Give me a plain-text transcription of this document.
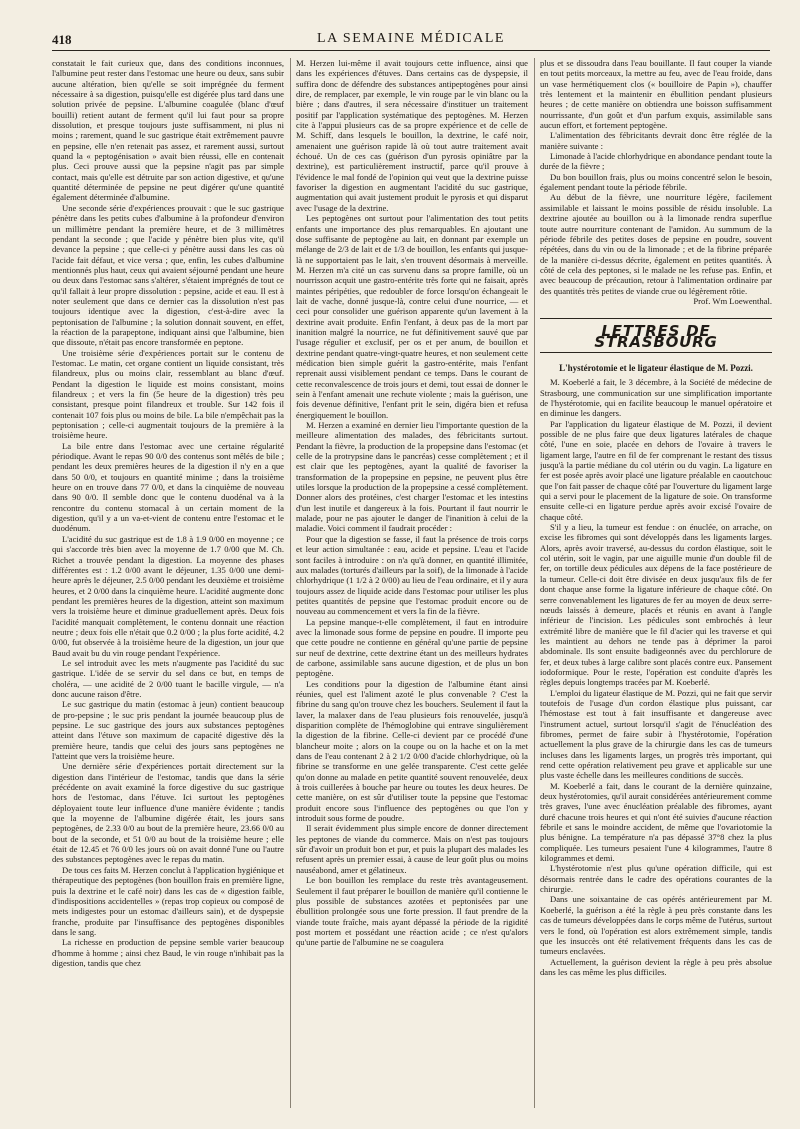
418	LA SEMAINE MÉDICALE

constatait le fait curieux que, dans des conditions inconnues, l'albumine peut rester dans l'estomac une heure ou deux, sans subir aucune altération, bien qu'elle se soit imprégnée du ferment nécessaire à sa digestion, puisqu'elle est digérée plus tard dans une solution privée de pepsine. L'albumine coagulée (blanc d'œuf bouilli) retient autant de ferment qu'il lui faut pour sa propre dissolution, et presque toujours juste suffisamment, ni plus ni moins ; rarement, quand le suc gastrique était extrêmement pauvre en pepsine, elle n'en retenait pas assez, et rarement aussi, surtout quand la « peptogénisation » avait bien réussi, elle en contenait plus. Ceci prouve aussi que la pepsine n'agit pas par simple contact, mais qu'elle est détruite par son action digestive, et qu'une quantité déterminée de pepsine ne peut digérer qu'une quantité également déterminée d'albumine.

Une seconde série d'expériences prouvait : que le suc gastrique pénètre dans les petits cubes d'albumine à la profondeur d'environ un millimètre pendant la première heure, et de 3 millimètres pendant la seconde ; que l'acide y pénètre bien plus vite, qu'il devance la pepsine ; que celle-ci y pénètre aussi dans les cas où l'acide fait défaut, et vice versa ; que, enfin, les cubes d'albumine mentionnés plus haut, ceux qui avaient séjourné pendant une heure ou deux dans l'estomac sans s'altérer, s'étaient imprégnés de tout ce qu'il fallait à leur propre dissolution : pepsine, acide et eau. Il est à noter seulement que dans ce dernier cas la dissolution n'est pas toujours identique avec la digestion, c'est-à-dire avec la peptonisation de l'albumine ; la solution donnait souvent, en effet, la réaction de la parapeptone, indiquant ainsi que l'albumine, bien que dissoute, n'était pas encore transformée en peptone.

Une troisième série d'expériences portait sur le contenu de l'estomac. Le matin, cet organe contient un liquide consistant, très filandreux, plus ou moins clair, ressemblant au blanc d'œuf. Pendant la digestion le liquide est moins consistant, moins filandreux ; et vers la fin (5e heure de la digestion) très peu consistant, presque point filandreux et trouble. Sur 142 fois il contenait 107 fois plus ou moins de bile. La bile n'empêchait pas la peptonisation ; celle-ci augmentait toujours de la première à la troisième heure.

La bile entre dans l'estomac avec une certaine régularité périodique. Avant le repas 90 0/0 des contenus sont mêlés de bile ; pendant les deux premières heures de la digestion il n'y en a que dans 50 0/0, et toujours en quantité minime ; dans la troisième heure on en trouve dans 77 0/0, et dans la cinquième de nouveau dans 90 0/0. Il semble donc que le contenu duodénal va à la rencontre du contenu stomacal à un certain moment de la digestion, qu'il y a un va-et-vient de contenu entre l'estomac et le duodénum.

L'acidité du suc gastrique est de 1.8 à 1.9 0/00 en moyenne ; ce qui s'accorde très bien avec la moyenne de 1.7 0/00 que M. Ch. Richet a trouvée pendant la digestion. La moyenne des phases différentes est : 1.2 0/00 avant le déjeuner, 1.35 0/00 une demi-heure après le déjeuner, 2.5 0/00 pendant les deuxième et troisième heures, et 2 0/00 dans la cinquième heure. L'acidité augmente donc pendant les premières heures de la digestion, atteint son maximum vers la troisième heure et diminue graduellement après. Deux fois l'acidité manquait complètement, le contenu donnait une réaction neutre ; deux fois elle n'était que 0.2 0/00 ; la plus forte acidité, 4.2 0/00, fut observée à la troisième heure de la digestion, un jour que Baud avait bu du vin rouge pendant l'expérience.

Le sel introduit avec les mets n'augmente pas l'acidité du suc gastrique. L'idée de se servir du sel dans ce but, en temps de choléra, — une acidité de 2 0/00 tuant le bacille virgule, — n'a donc aucune raison d'être.

Le suc gastrique du matin (estomac à jeun) contient beaucoup de pro-pepsine ; le suc pris pendant la journée beaucoup plus de pepsine. Le suc gastrique des jours aux substances peptogènes atteint dans l'étuve son maximum de capacité digestive dès la première heure, tandis que celui des jours sans peptogènes ne l'atteint que vers la troisième heure.

Une dernière série d'expériences portait directement sur la digestion dans l'intérieur de l'estomac, tandis que dans la série précédente on avait examiné la force digestive du suc gastrique hors de l'estomac, dans l'étuve. Ici surtout les peptogènes déployaient toute leur influence d'une manière évidente ; tandis que la moyenne de l'albumine digérée était, les jours sans peptogènes, de 2.33 0/0 au bout de la première heure, 23.66 0/0 au bout de la seconde, et 51 0/0 au bout de la troisième heure ; elle était de 12.45 et 76 0/0 les jours où on avait donné l'une ou l'autre des substances peptogènes avec le repas du matin.

De tous ces faits M. Herzen conclut à l'application hygiénique et thérapeutique des peptogènes (bon bouillon frais en première ligne, puis la dextrine et le café noir) dans les cas de « digestion faible, d'indispositions accidentelles » (repas trop copieux ou composé de mets indigestes pour un estomac d'ailleurs sain), et de dyspepsie franche, produite par l'insuffisance des peptogènes disponibles dans le sang.

La richesse en production de pepsine semble varier beaucoup d'homme à homme ; ainsi chez Baud, le vin rouge n'inhibait pas la digestion, tandis que chez

M. Herzen lui-même il avait toujours cette influence, ainsi que dans les expériences d'étuves. Dans certains cas de dyspepsie, il suffira donc de défendre des substances antipeptogènes pour ainsi dire, de remplacer, par exemple, le vin rouge par le vin blanc ou la bière ; dans d'autres, il sera nécessaire d'instituer un traitement positif par l'application systématique des peptogènes. M. Herzen cite à l'appui plusieurs cas de sa propre expérience et de celle de M. Schiff, dans lesquels le bouillon, la dextrine, le café noir, amenaient une guérison rapide là où tout autre traitement avait échoué. Un de ces cas (guérison d'un pyrosis opiniâtre par la dextrine), est particulièrement instructif, parce qu'il prouve à l'évidence le mal fondé de l'opinion qui veut que la dextrine puisse favoriser la digestion en augmentant l'acidité du suc gastrique, augmentation qui avait justement produit le pyrosis et qui disparut avec l'usage de la dextrine.

Les peptogènes ont surtout pour l'alimentation des tout petits enfants une importance des plus remarquables. En ajoutant une dose suffisante de peptogène au lait, en donnant par exemple un mélange de 2/3 de lait et de 1/3 de bouillon, les enfants qui jusque-là ne supportaient pas le lait, s'en trouvent désormais à merveille. M. Herzen m'a cité un cas survenu dans sa propre famille, où un nourrisson acquit une gastro-entérite très forte qui ne faisait, après maintes péripéties, que redoubler de force lorsqu'on échangeait le lait de vache, donné jusque-là, contre celui d'une nourrice, — et ceci pour consolider une guérison apparente qu'un lavement à la dextrine avait produite. Enfin l'enfant, à deux pas de la mort par inanition malgré la nourrice, ne fut définitivement sauvé que par l'usage régulier et exclusif, per os et per anum, de bouillon et dextrine pendant quatre-vingt-quatre heures, et non seulement cette médication bien simple guérit la gastro-entérite, mais l'enfant reprenait aussi visiblement pendant ce temps. Dans le courant de cette reconvalescence de trois jours et demi, tout essai de donner le sein à l'enfant amenait une rechute violente ; mais la guérison, une fois devenue définitive, l'enfant prit le sein, digéra bien et refusa énergiquement le bouillon.

M. Herzen a examiné en dernier lieu l'importante question de la meilleure alimentation des malades, des fébricitants surtout. Pendant la fièvre, la production de la propepsine dans l'estomac (et celle de la protrypsine dans le pancréas) cesse complètement ; et il est clair que les peptogènes, ayant la qualité de favoriser la transformation de la propepsine en pepsine, ne peuvent plus être utiles lorsque la production de la propepsine a cessé complètement. Donner alors des protéines, c'est charger l'estomac et les intestins d'un lest inutile et dangereux à la fois. Pourtant il faut nourrir le malade, pour ne pas ajouter le danger de l'inanition à celui de la maladie. Voici comment il faudrait procéder :

Pour que la digestion se fasse, il faut la présence de trois corps et leur action simultanée : eau, acide et pepsine. L'eau et l'acide sont faciles à introduire : on n'a qu'à donner, en quantité illimitée, aux malades (torturés d'ailleurs par la soif), de la limonade à l'acide chlorhydrique (1 1/2 à 2 0/00) au lieu de l'eau ordinaire, et il y aura toujours assez de liquide acide dans l'estomac pour utiliser les plus petites quantités de pepsine que l'estomac produit encore ou de nouveau au commencement et vers la fin de la fièvre.

La pepsine manque-t-elle complètement, il faut en introduire avec la limonade sous forme de pepsine en poudre. Il importe peu que cette poudre ne contienne en général qu'une partie de pepsine sur neuf de dextrine, cette dextrine étant un des meilleurs hydrates de carbone, assimilable sans aucune digestion, et de plus un bon peptogène.

Les conditions pour la digestion de l'albumine étant ainsi réunies, quel est l'aliment azoté le plus convenable ? C'est la fibrine du sang qu'on trouve chez les bouchers. Seulement il faut la laver, la malaxer dans de l'eau plusieurs fois renouvelée, jusqu'à disparition complète de l'hémoglobine qui entrave singulièrement la digestion de la fibrine. Celle-ci devient par ce procédé d'une blancheur moite ; alors on la coupe ou on la hache et on la met dans de l'eau contenant 2 à 2 1/2 0/00 d'acide chlorhydrique, où la fibrine se transforme en une gelée transparente. C'est cette gelée qu'on donne au malade en petite quantité souvent renouvelée, deux à trois cuillerées à bouche par heure ou toutes les deux heures. De cette manière, on est sûr d'utiliser toute la pepsine que l'estomac produit encore sous l'influence des peptogènes ou que l'on y introduit sous forme de poudre.

Il serait évidemment plus simple encore de donner directement les peptones de viande du commerce. Mais on n'est pas toujours sûr d'avoir un produit bon et pur, et puis la plupart des malades les refusent après un premier essai, à cause de leur goût plus ou moins nauséabond, amer et gélatineux.

Le bon bouillon les remplace du reste très avantageusement. Seulement il faut préparer le bouillon de manière qu'il contienne le plus possible de substances azotées et peptonisées par une ébullition prolongée sous une forte pression. Il faut prendre de la viande toute fraîche, mais ayant dépassé la période de la rigidité post mortem et possédant une réaction acide ; ce n'est qu'alors qu'une partie de l'albumine ne se coagulera

plus et se dissoudra dans l'eau bouillante. Il faut couper la viande en tout petits morceaux, la mettre au feu, avec de l'eau froide, dans un vase hermétiquement clos (« bouilloire de Papin »), chauffer très lentement et la maintenir en ébullition pendant plusieurs heures ; de cette manière on obtiendra une boisson suffisamment nourrissante, d'un goût et d'un parfum exquis, assimilable sans aucun effort, et fortement peptogène.

L'alimentation des fébricitants devrait donc être réglée de la manière suivante :

Limonade à l'acide chlorhydrique en abondance pendant toute la durée de la fièvre ;

Du bon bouillon frais, plus ou moins concentré selon le besoin, également pendant toute la période fébrile.

Au début de la fièvre, une nourriture légère, facilement assimilable et laissant le moins possible de résidu insoluble. La dextrine ajoutée au bouillon ou à la limonade rendra superflue toute autre nourriture contenant de l'amidon. Au summum de la période fébrile des petites doses de pepsine en poudre, souvent répétées, dans du vin ou de la limonade ; et de la fibrine préparée de la manière ci-dessus décrite, également en petites quantités. À côté de cela des peptones, si le malade ne les refuse pas. Enfin, et avec beaucoup de précaution, retour à l'alimentation ordinaire par des quantités très petites de viande crue ou légèrement rôtie.

Prof. Wm Loewenthal.
LETTRES DE STRASBOURG
L'hystérotomie et le ligateur élastique de M. Pozzi.

M. Koeberlé a fait, le 3 décembre, à la Société de médecine de Strasbourg, une communication sur une simplification importante de l'hystérotomie, qui en facilite beaucoup le manuel opératoire et en diminue les dangers.

Par l'application du ligateur élastique de M. Pozzi, il devient possible de ne plus faire que deux ligatures latérales de chaque côté, l'une en soie, placée en dehors de l'ovaire à travers le ligament large, l'autre en fil de fer comprenant le restant des tissus jusqu'à la partie médiane du col utérin ou du vagin. La ligature en fer est posée après avoir placé une ligature préalable en caoutchouc que l'on fait passer de chaque côté par l'ouverture du ligament large qui a servi pour le placement de la ligature de soie. On transforme ensuite celle-ci en ligature perdue après avoir excisé l'ovaire de chaque côté.

S'il y a lieu, la tumeur est fendue : on énuclée, on arrache, on excise les fibromes qui sont développés dans les ligaments larges. Alors, après avoir traversé, au-dessus du cordon élastique, soit le col utérin, soit le vagin, par une aiguille munie d'un double fil de fer, on tortille deux pédicules aux dépens de la face postérieure de la tumeur. Celle-ci doit être divisée en deux jusqu'aux fils de fer dont chaque anse forme la ligature inférieure de chaque côté. On serre convenablement les ligatures de fer au moyen de deux serre-nœuds laissés à demeure, placés et réunis en avant à l'angle inférieur de l'incision. Les pédicules sont embrochés à leur extrémité libre de manière que le fil d'acier qui les traverse et qui les maintient au dehors ne tende pas à déprimer la paroi abdominale. Ils sont ensuite badigeonnés avec du perchlorure de fer, et deux tubes à large calibre sont placés contre eux. Pansement iodoformique. Pour le reste, l'opération est conduite d'après les règles depuis longtemps tracées par M. Koeberlé.

L'emploi du ligateur élastique de M. Pozzi, qui ne fait que servir toutefois de l'usage d'un cordon élastique plus puissant, car l'hémostase est tout à fait insuffisante et dangereuse avec l'instrument actuel, surtout lorsqu'il s'agit de l'énucléation des fibromes, permet de faire subir à l'hystérotomie, l'opération actuellement la plus grave de la chirurgie dans les cas de tumeurs incluses dans les ligaments larges, un progrès très important, qui rend cette opération relativement peu grave et applicable sur une plus vaste échelle dans les meilleures conditions de succès.

M. Koeberlé a fait, dans le courant de la dernière quinzaine, deux hystérotomies, qu'il aurait considérées antérieurement comme très graves, l'une avec énucléation préalable des fibromes, ayant duré chacune trois heures et qui n'ont été suivies d'aucune réaction fébrile et sans le moindre accident, de même que l'ovariotomie la plus bénigne. La température n'a pas dépassé 37°8 chez la plus compliquée. Les tumeurs pesaient l'une 4 kilogrammes, l'autre 8 kilogrammes et demi.

L'hystérotomie n'est plus qu'une opération difficile, qui est désormais rentrée dans le cadre des opérations courantes de la chirurgie.

Dans une soixantaine de cas opérés antérieurement par M. Koeberlé, la guérison a été la règle à peu près constante dans les cas de tumeurs développées dans le corps même de l'utérus, surtout vers le fond, où l'opération est alors extrêmement simple, tandis que les insuccès ont été relativement fréquents dans les cas de tumeurs enclavées.

Actuellement, la guérison devient la règle à peu près absolue dans les cas même les plus difficiles.
